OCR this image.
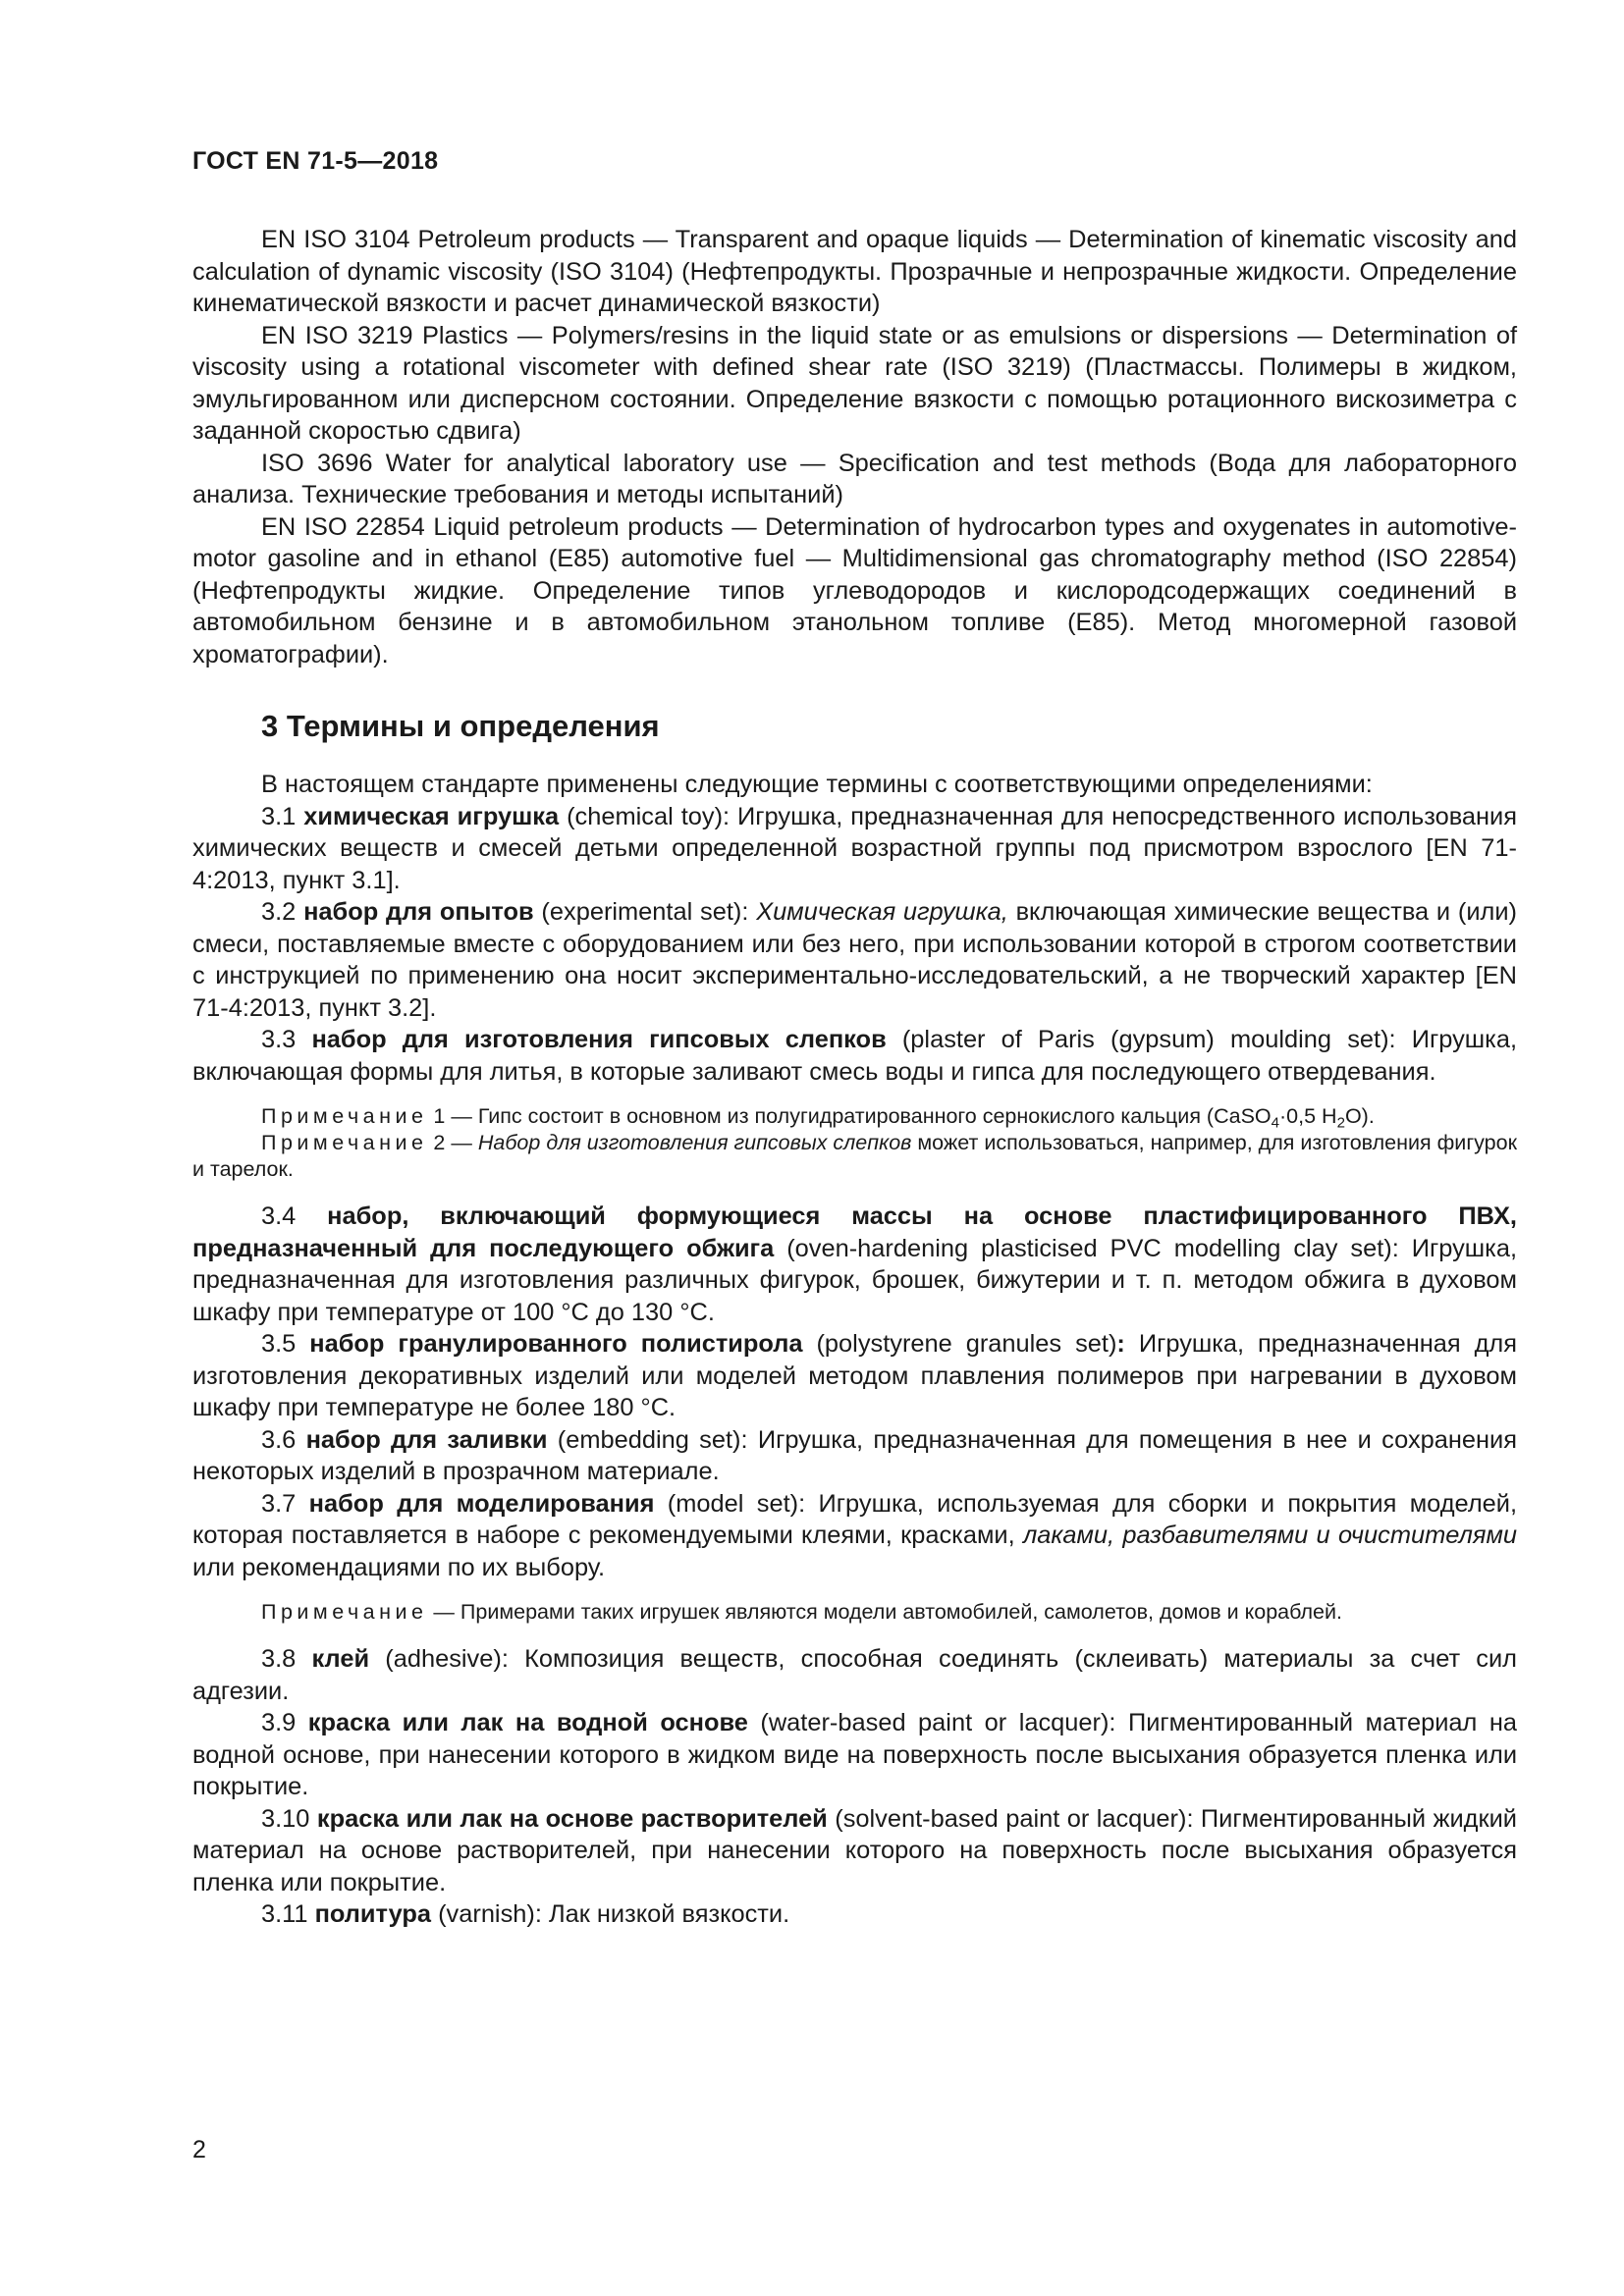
ГОСТ EN 71-5—2018

EN ISO 3104 Petroleum products — Transparent and opaque liquids — Determination of kinematic viscosity and calculation of dynamic viscosity (ISO 3104) (Нефтепродукты. Прозрачные и непрозрачные жидкости. Определение кинематической вязкости и расчет динамической вязкости)

EN ISO 3219 Plastics — Polymers/resins in the liquid state or as emulsions or dispersions — Determination of viscosity using a rotational viscometer with defined shear rate (ISO 3219) (Пластмассы. Полимеры в жидком, эмульгированном или дисперсном состоянии. Определение вязкости с помощью ротационного вискозиметра с заданной скоростью сдвига)

ISO 3696 Water for analytical laboratory use — Specification and test methods (Вода для лабораторного анализа. Технические требования и методы испытаний)

EN ISO 22854 Liquid petroleum products — Determination of hydrocarbon types and oxygenates in automotive-motor gasoline and in ethanol (E85) automotive fuel — Multidimensional gas chromatography method (ISO 22854) (Нефтепродукты жидкие. Определение типов углеводородов и кислородсодержащих соединений в автомобильном бензине и в автомобильном этанольном топливе (E85). Метод многомерной газовой хроматографии).

3 Термины и определения

В настоящем стандарте применены следующие термины с соответствующими определениями:

3.1 химическая игрушка (chemical toy): Игрушка, предназначенная для непосредственного использования химических веществ и смесей детьми определенной возрастной группы под присмотром взрослого [EN 71-4:2013, пункт 3.1].

3.2 набор для опытов (experimental set): Химическая игрушка, включающая химические вещества и (или) смеси, поставляемые вместе с оборудованием или без него, при использовании которой в строгом соответствии с инструкцией по применению она носит экспериментально-исследовательский, а не творческий характер [EN 71-4:2013, пункт 3.2].

3.3 набор для изготовления гипсовых слепков (plaster of Paris (gypsum) moulding set): Игрушка, включающая формы для литья, в которые заливают смесь воды и гипса для последующего отвердевания.

Примечание 1 — Гипс состоит в основном из полугидратированного сернокислого кальция (CaSO$_4$·0,5 $H_2O$).

Примечание 2 — Набор для изготовления гипсовых слепков может использоваться, например, для изготовления фигурок и тарелок.

3.4 набор, включающий формующиеся массы на основе пластифицированного ПВХ, предназначенный для последующего обжига (oven-hardening plasticised PVC modelling clay set): Игрушка, предназначенная для изготовления различных фигурок, брошек, бижутерии и т. п. методом обжига в духовом шкафу при температуре от 100 °С до 130 °С.

3.5 набор гранулированного полистирола (polystyrene granules set): Игрушка, предназначенная для изготовления декоративных изделий или моделей методом плавления полимеров при нагревании в духовом шкафу при температуре не более 180 °С.

3.6 набор для заливки (embedding set): Игрушка, предназначенная для помещения в нее и сохранения некоторых изделий в прозрачном материале.

3.7 набор для моделирования (model set): Игрушка, используемая для сборки и покрытия моделей, которая поставляется в наборе с рекомендуемыми клеями, красками, лаками, разбавителями и очистителями или рекомендациями по их выбору.

Примечание — Примерами таких игрушек являются модели автомобилей, самолетов, домов и кораблей.

3.8 клей (adhesive): Композиция веществ, способная соединять (склеивать) материалы за счет сил адгезии.

3.9 краска или лак на водной основе (water-based paint or lacquer): Пигментированный материал на водной основе, при нанесении которого в жидком виде на поверхность после высыхания образуется пленка или покрытие.

3.10 краска или лак на основе растворителей (solvent-based paint or lacquer): Пигментированный жидкий материал на основе растворителей, при нанесении которого на поверхность после высыхания образуется пленка или покрытие.

3.11 политура (varnish): Лак низкой вязкости.

2
